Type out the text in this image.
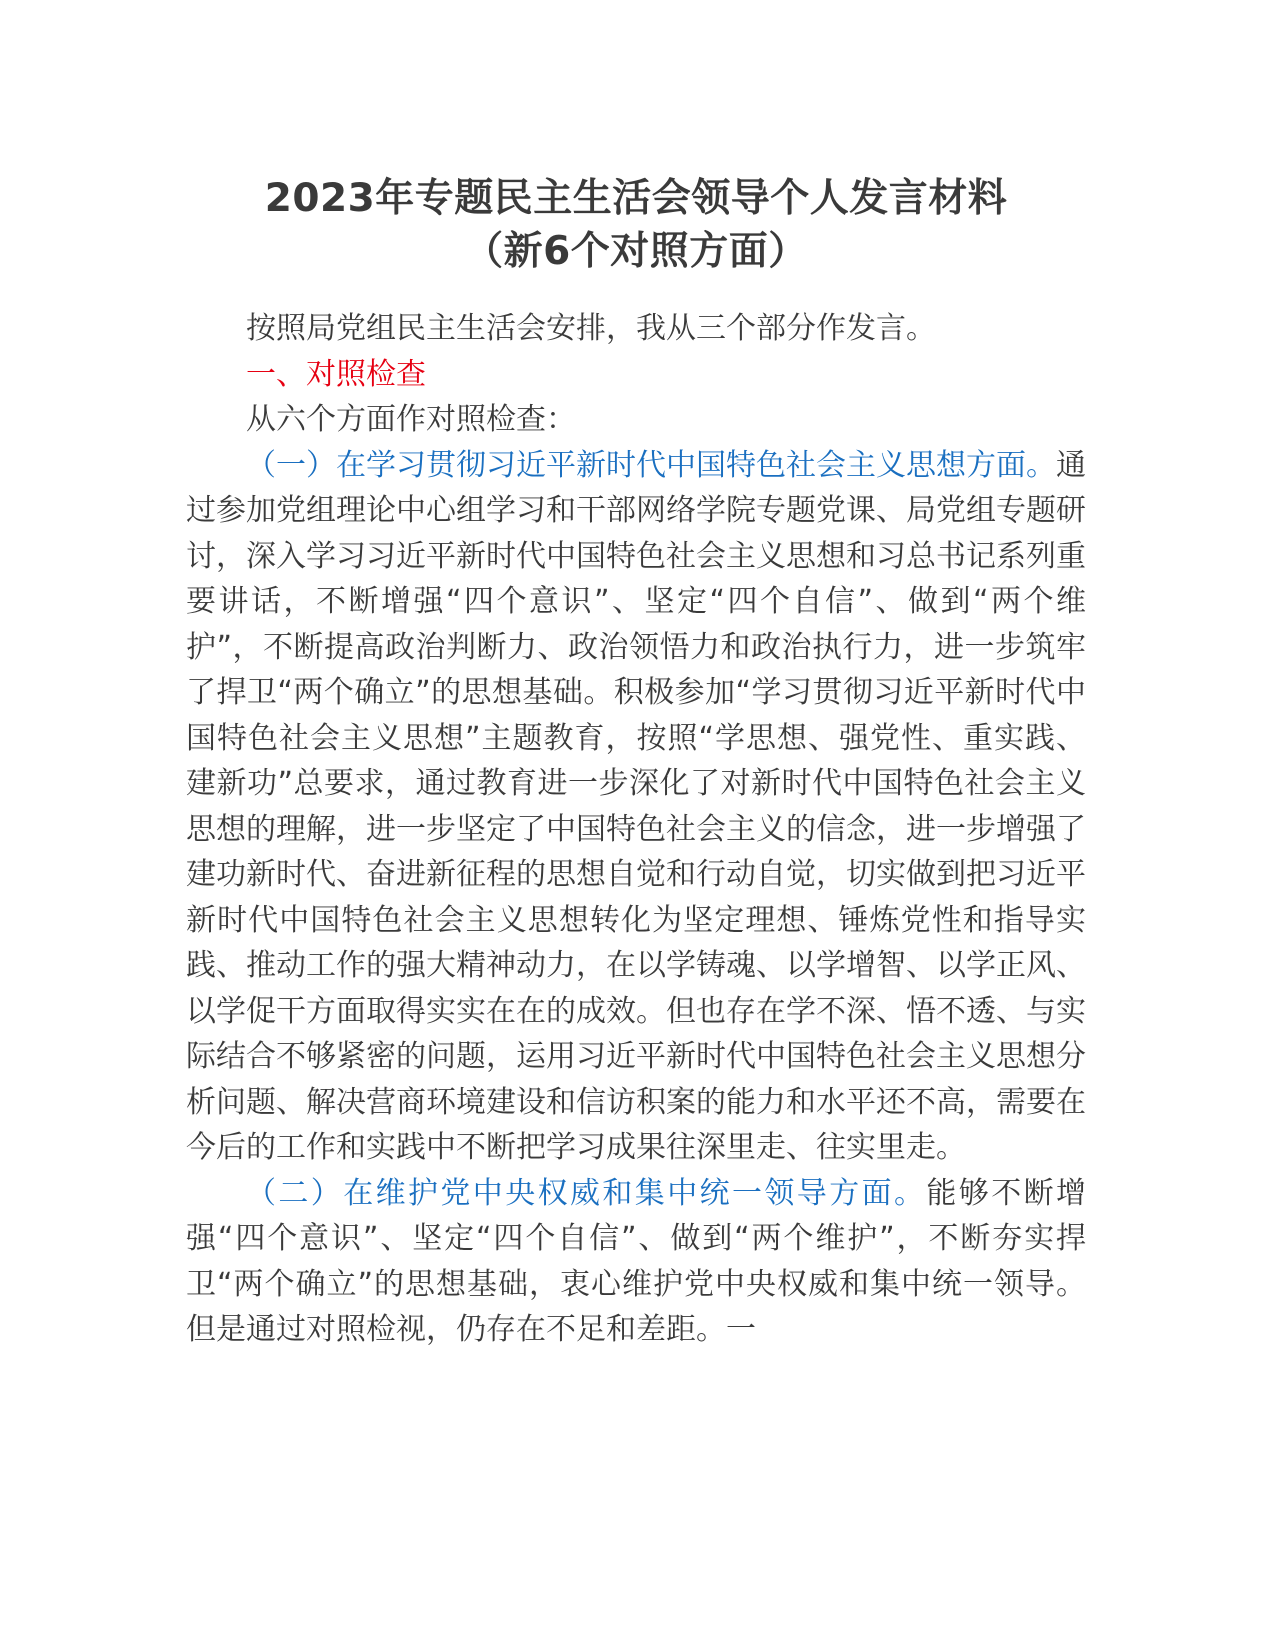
2023年专题民主生活会领导个人发言材料
（新6个对照方面）

按照局党组民主生活会安排，我从三个部分作发言。

一、对照检查

从六个方面作对照检查：

（一）在学习贯彻习近平新时代中国特色社会主义思想方面。通过参加党组理论中心组学习和干部网络学院专题党课、局党组专题研讨，深入学习习近平新时代中国特色社会主义思想和习总书记系列重要讲话，不断增强“四个意识”、坚定“四个自信”、做到“两个维护”，不断提高政治判断力、政治领悟力和政治执行力，进一步筑牢了捍卫“两个确立”的思想基础。积极参加“学习贯彻习近平新时代中国特色社会主义思想”主题教育，按照“学思想、强党性、重实践、建新功”总要求，通过教育进一步深化了对新时代中国特色社会主义思想的理解，进一步坚定了中国特色社会主义的信念，进一步增强了建功新时代、奋进新征程的思想自觉和行动自觉，切实做到把习近平新时代中国特色社会主义思想转化为坚定理想、锤炼党性和指导实践、推动工作的强大精神动力，在以学铸魂、以学增智、以学正风、以学促干方面取得实实在在的成效。但也存在学不深、悟不透、与实际结合不够紧密的问题，运用习近平新时代中国特色社会主义思想分析问题、解决营商环境建设和信访积案的能力和水平还不高，需要在今后的工作和实践中不断把学习成果往深里走、往实里走。

（二）在维护党中央权威和集中统一领导方面。能够不断增强“四个意识”、坚定“四个自信”、做到“两个维护”，不断夯实捍卫“两个确立”的思想基础，衷心维护党中央权威和集中统一领导。但是通过对照检视，仍存在不足和差距。一
